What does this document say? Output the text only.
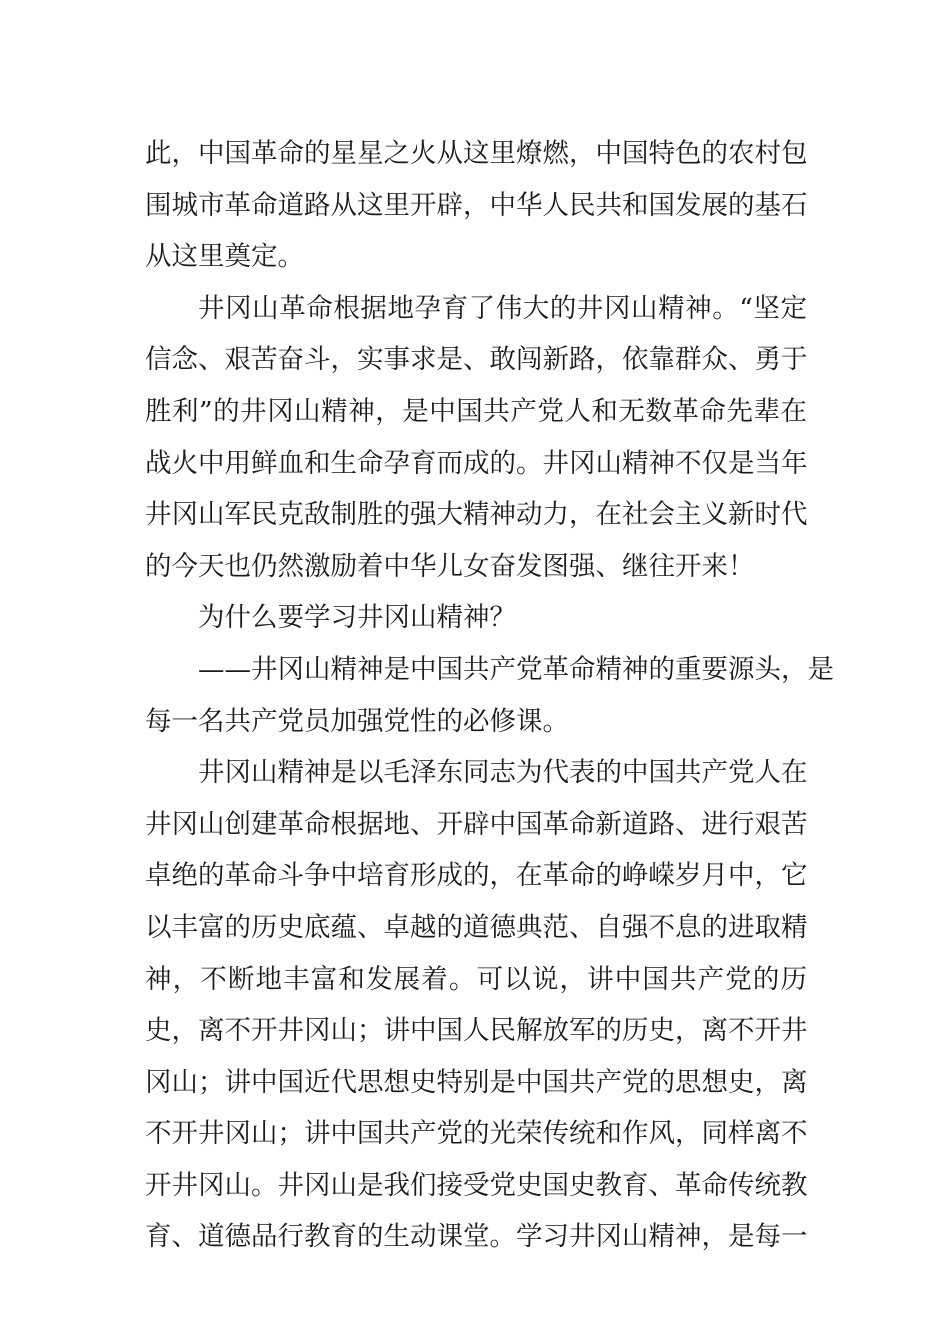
此，中国革命的星星之火从这里燎燃，中国特色的农村包
围城市革命道路从这里开辟，中华人民共和国发展的基石
从这里奠定。
井冈山革命根据地孕育了伟大的井冈山精神。“坚定
信念、艰苦奋斗，实事求是、敢闯新路，依靠群众、勇于
胜利”的井冈山精神，是中国共产党人和无数革命先辈在
战火中用鲜血和生命孕育而成的。井冈山精神不仅是当年
井冈山军民克敌制胜的强大精神动力，在社会主义新时代
的今天也仍然激励着中华儿女奋发图强、继往开来！
为什么要学习井冈山精神？
——井冈山精神是中国共产党革命精神的重要源头，是
每一名共产党员加强党性的必修课。
井冈山精神是以毛泽东同志为代表的中国共产党人在
井冈山创建革命根据地、开辟中国革命新道路、进行艰苦
卓绝的革命斗争中培育形成的，在革命的峥嵘岁月中，它
以丰富的历史底蕴、卓越的道德典范、自强不息的进取精
神，不断地丰富和发展着。可以说，讲中国共产党的历
史，离不开井冈山；讲中国人民解放军的历史，离不开井
冈山；讲中国近代思想史特别是中国共产党的思想史，离
不开井冈山；讲中国共产党的光荣传统和作风，同样离不
开井冈山。井冈山是我们接受党史国史教育、革命传统教
育、道德品行教育的生动课堂。学习井冈山精神，是每一
